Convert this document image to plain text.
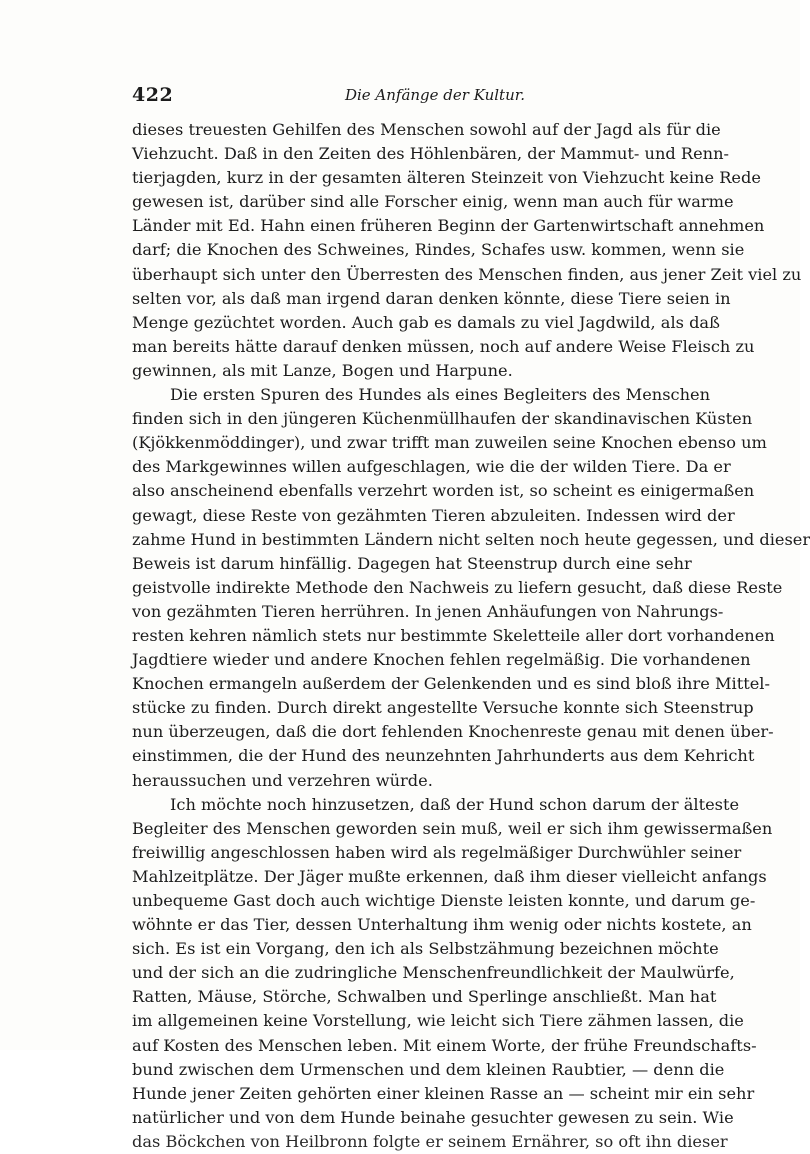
422	Die Anfänge der Kultur.
dieses treuesten Gehilfen des Menschen sowohl auf der Jagd als für die
Viehzucht. Daß in den Zeiten des Höhlenbären, der Mammut- und Renn-
tierjagden, kurz in der gesamten älteren Steinzeit von Viehzucht keine Rede
gewesen ist, darüber sind alle Forscher einig, wenn man auch für warme
Länder mit Ed. Hahn einen früheren Beginn der Gartenwirtschaft annehmen
darf; die Knochen des Schweines, Rindes, Schafes usw. kommen, wenn sie
überhaupt sich unter den Überresten des Menschen finden, aus jener Zeit viel zu
selten vor, als daß man irgend daran denken könnte, diese Tiere seien in
Menge gezüchtet worden. Auch gab es damals zu viel Jagdwild, als daß
man bereits hätte darauf denken müssen, noch auf andere Weise Fleisch zu
gewinnen, als mit Lanze, Bogen und Harpune.
Die ersten Spuren des Hundes als eines Begleiters des Menschen
finden sich in den jüngeren Küchenmüllhaufen der skandinavischen Küsten
(Kjökkenmöddinger), und zwar trifft man zuweilen seine Knochen ebenso um
des Markgewinnes willen aufgeschlagen, wie die der wilden Tiere. Da er
also anscheinend ebenfalls verzehrt worden ist, so scheint es einigermaßen
gewagt, diese Reste von gezähmten Tieren abzuleiten. Indessen wird der
zahme Hund in bestimmten Ländern nicht selten noch heute gegessen, und dieser
Beweis ist darum hinfällig. Dagegen hat Steenstrup durch eine sehr
geistvolle indirekte Methode den Nachweis zu liefern gesucht, daß diese Reste
von gezähmten Tieren herrühren. In jenen Anhäufungen von Nahrungs-
resten kehren nämlich stets nur bestimmte Skeletteile aller dort vorhandenen
Jagdtiere wieder und andere Knochen fehlen regelmäßig. Die vorhandenen
Knochen ermangeln außerdem der Gelenkenden und es sind bloß ihre Mittel-
stücke zu finden. Durch direkt angestellte Versuche konnte sich Steenstrup
nun überzeugen, daß die dort fehlenden Knochenreste genau mit denen über-
einstimmen, die der Hund des neunzehnten Jahrhunderts aus dem Kehricht
heraussuchen und verzehren würde.
Ich möchte noch hinzusetzen, daß der Hund schon darum der älteste
Begleiter des Menschen geworden sein muß, weil er sich ihm gewissermaßen
freiwillig angeschlossen haben wird als regelmäßiger Durchwühler seiner
Mahlzeitplätze. Der Jäger mußte erkennen, daß ihm dieser vielleicht anfangs
unbequeme Gast doch auch wichtige Dienste leisten konnte, und darum ge-
wöhnte er das Tier, dessen Unterhaltung ihm wenig oder nichts kostete, an
sich. Es ist ein Vorgang, den ich als Selbstzähmung bezeichnen möchte
und der sich an die zudringliche Menschenfreundlichkeit der Maulwürfe,
Ratten, Mäuse, Störche, Schwalben und Sperlinge anschließt. Man hat
im allgemeinen keine Vorstellung, wie leicht sich Tiere zähmen lassen, die
auf Kosten des Menschen leben. Mit einem Worte, der frühe Freundschafts-
bund zwischen dem Urmenschen und dem kleinen Raubtier, — denn die
Hunde jener Zeiten gehörten einer kleinen Rasse an — scheint mir ein sehr
natürlicher und von dem Hunde beinahe gesuchter gewesen zu sein. Wie
das Böckchen von Heilbronn folgte er seinem Ernährer, so oft ihn dieser
